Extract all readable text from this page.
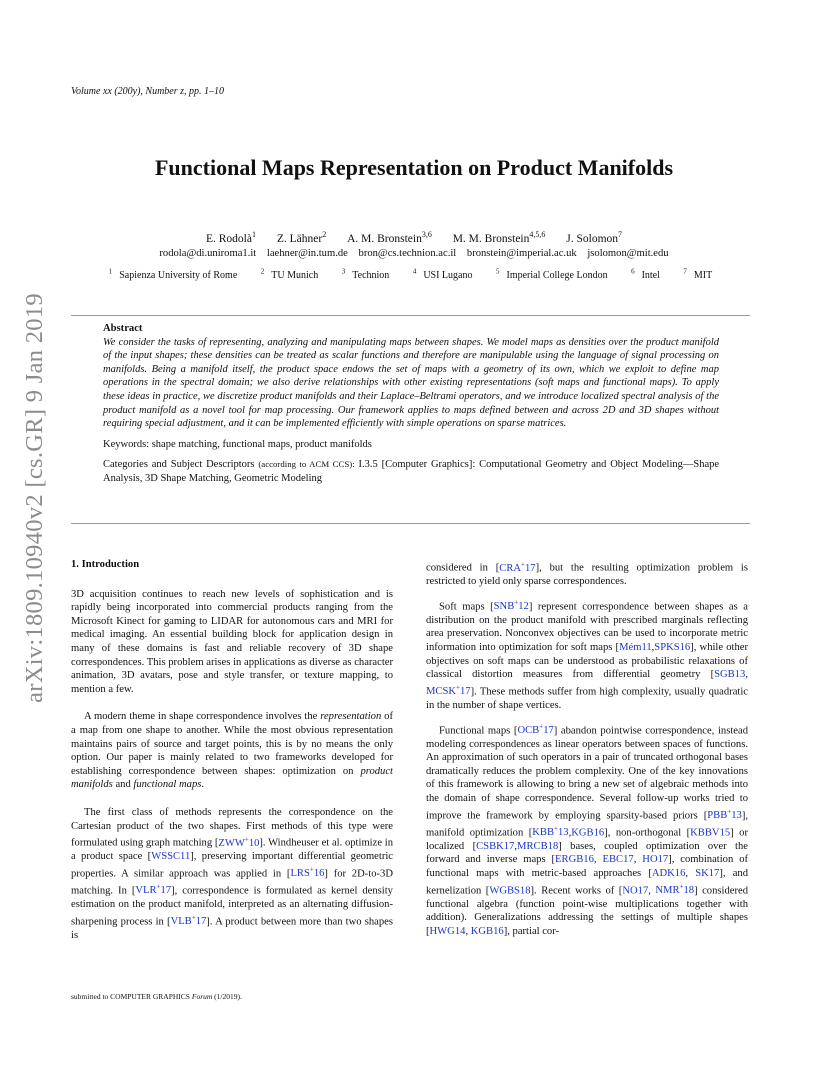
Volume xx (200y), Number z, pp. 1–10
arXiv:1809.10940v2 [cs.GR] 9 Jan 2019
Functional Maps Representation on Product Manifolds
E. Rodolà$^1$ Z. Lähner$^2$ A. M. Bronstein$^{3,6}$ M. M. Bronstein$^{4,5,6}$ J. Solomon$^7$
rodola@di.uniroma1.it laehner@in.tum.de bron@cs.technion.ac.il bronstein@imperial.ac.uk jsolomon@mit.edu
$^1$ Sapienza University of Rome	$^2$ TU Munich	$^3$ Technion	$^4$ USI Lugano	$^5$ Imperial College London	$^6$ Intel	$^7$ MIT
Abstract
We consider the tasks of representing, analyzing and manipulating maps between shapes. We model maps as densities over the product manifold of the input shapes; these densities can be treated as scalar functions and therefore are manipulable using the language of signal processing on manifolds. Being a manifold itself, the product space endows the set of maps with a geometry of its own, which we exploit to define map operations in the spectral domain; we also derive relationships with other existing representations (soft maps and functional maps). To apply these ideas in practice, we discretize product manifolds and their Laplace–Beltrami operators, and we introduce localized spectral analysis of the product manifold as a novel tool for map processing. Our framework applies to maps defined between and across 2D and 3D shapes without requiring special adjustment, and it can be implemented efficiently with simple operations on sparse matrices.
Keywords: shape matching, functional maps, product manifolds
Categories and Subject Descriptors (according to ACM CCS): I.3.5 [Computer Graphics]: Computational Geometry and Object Modeling—Shape Analysis, 3D Shape Matching, Geometric Modeling

1. Introduction

3D acquisition continues to reach new levels of sophistication and is rapidly being incorporated into commercial products ranging from the Microsoft Kinect for gaming to LIDAR for autonomous cars and MRI for medical imaging. An essential building block for application design in many of these domains is fast and reliable recovery of 3D shape correspondences. This problem arises in applications as diverse as character animation, 3D avatars, pose and style transfer, or texture mapping, to mention a few.

A modern theme in shape correspondence involves the representation of a map from one shape to another. While the most obvious representation maintains pairs of source and target points, this is by no means the only option. Our paper is mainly related to two frameworks developed for establishing correspondence between shapes: optimization on product manifolds and functional maps.

The first class of methods represents the correspondence on the Cartesian product of the two shapes. First methods of this type were formulated using graph matching [ZWW+10]. Windheuser et al. optimize in a product space [WSSC11], preserving important differential geometric properties. A similar approach was applied in [LRS+16] for 2D-to-3D matching. In [VLR+17], correspondence is formulated as kernel density estimation on the product manifold, interpreted as an alternating diffusion-sharpening process in [VLB+17]. A product between more than two shapes is

considered in [CRA+17], but the resulting optimization problem is restricted to yield only sparse correspondences.

Soft maps [SNB+12] represent correspondence between shapes as a distribution on the product manifold with prescribed marginals reflecting area preservation. Nonconvex objectives can be used to incorporate metric information into optimization for soft maps [Mém11,SPKS16], while other objectives on soft maps can be understood as probabilistic relaxations of classical distortion measures from differential geometry [SGB13, MCSK+17]. These methods suffer from high complexity, usually quadratic in the number of shape vertices.

Functional maps [OCB+17] abandon pointwise correspondence, instead modeling correspondences as linear operators between spaces of functions. An approximation of such operators in a pair of truncated orthogonal bases dramatically reduces the problem complexity. One of the key innovations of this framework is allowing to bring a new set of algebraic methods into the domain of shape correspondence. Several follow-up works tried to improve the framework by employing sparsity-based priors [PBB+13], manifold optimization [KBB+13,KGB16], non-orthogonal [KBBV15] or localized [CSBK17,MRCB18] bases, coupled optimization over the forward and inverse maps [ERGB16, EBC17, HO17], combination of functional maps with metric-based approaches [ADK16, SK17], and kernelization [WGBS18]. Recent works of [NO17, NMR+18] considered functional algebra (function point-wise multiplications together with addition). Generalizations addressing the settings of multiple shapes [HWG14, KGB16], partial cor-

submitted to COMPUTER GRAPHICS Forum (1/2019).
